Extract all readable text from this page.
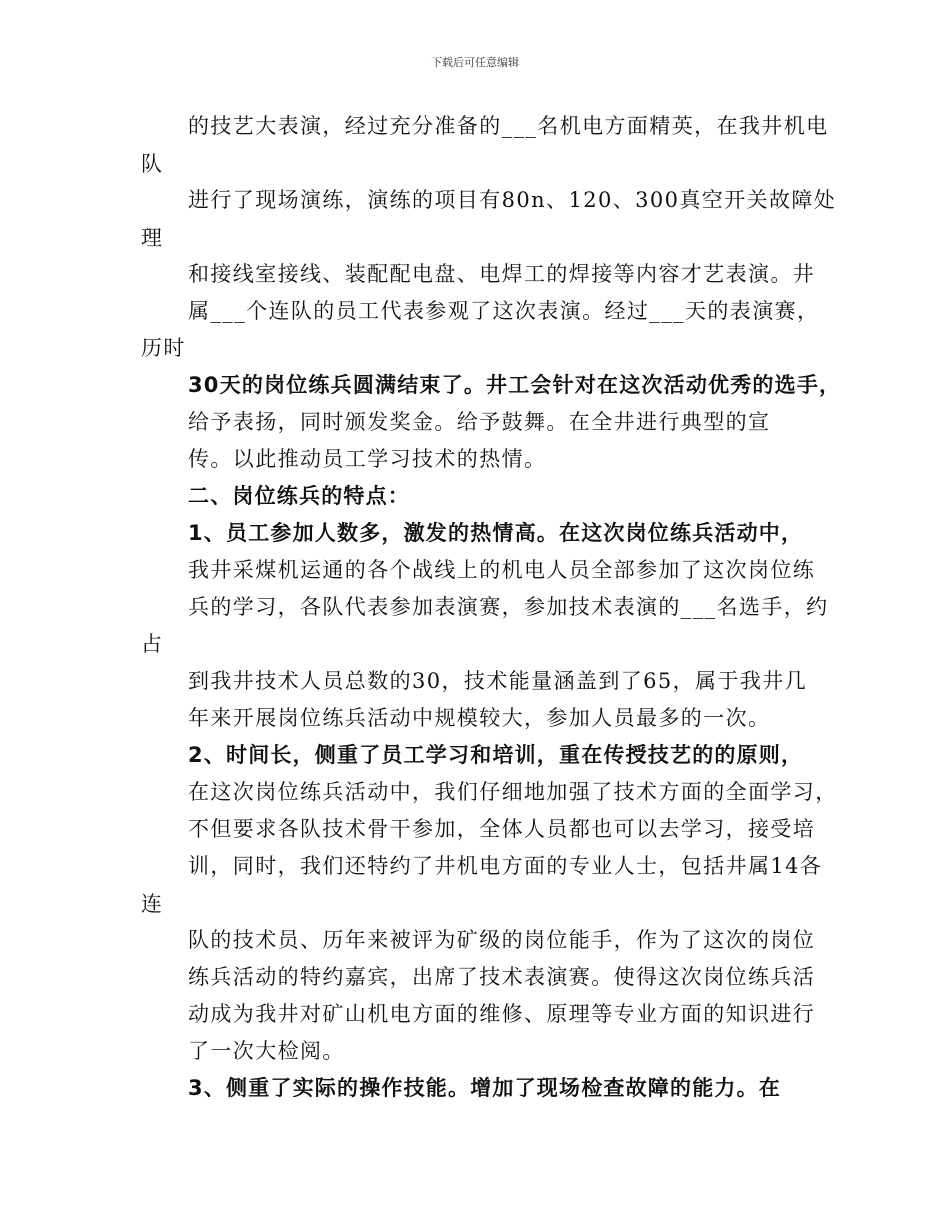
下载后可任意编辑
的技艺大表演，经过充分准备的___名机电方面精英，在我井机电
队
进行了现场演练，演练的项目有80n、120、300真空开关故障处
理
和接线室接线、装配配电盘、电焊工的焊接等内容才艺表演。井
属___个连队的员工代表参观了这次表演。经过___天的表演赛，
历时
30天的岗位练兵圆满结束了。井工会针对在这次活动优秀的选手，
给予表扬，同时颁发奖金。给予鼓舞。在全井进行典型的宣
传。以此推动员工学习技术的热情。
二、岗位练兵的特点：
1、员工参加人数多，激发的热情高。在这次岗位练兵活动中，
我井采煤机运通的各个战线上的机电人员全部参加了这次岗位练
兵的学习，各队代表参加表演赛，参加技术表演的___名选手，约
占
到我井技术人员总数的30，技术能量涵盖到了65，属于我井几
年来开展岗位练兵活动中规模较大，参加人员最多的一次。
2、时间长，侧重了员工学习和培训，重在传授技艺的的原则，
在这次岗位练兵活动中，我们仔细地加强了技术方面的全面学习，
不但要求各队技术骨干参加，全体人员都也可以去学习，接受培
训，同时，我们还特约了井机电方面的专业人士，包括井属14各
连
队的技术员、历年来被评为矿级的岗位能手，作为了这次的岗位
练兵活动的特约嘉宾，出席了技术表演赛。使得这次岗位练兵活
动成为我井对矿山机电方面的维修、原理等专业方面的知识进行
了一次大检阅。
3、侧重了实际的操作技能。增加了现场检查故障的能力。在
